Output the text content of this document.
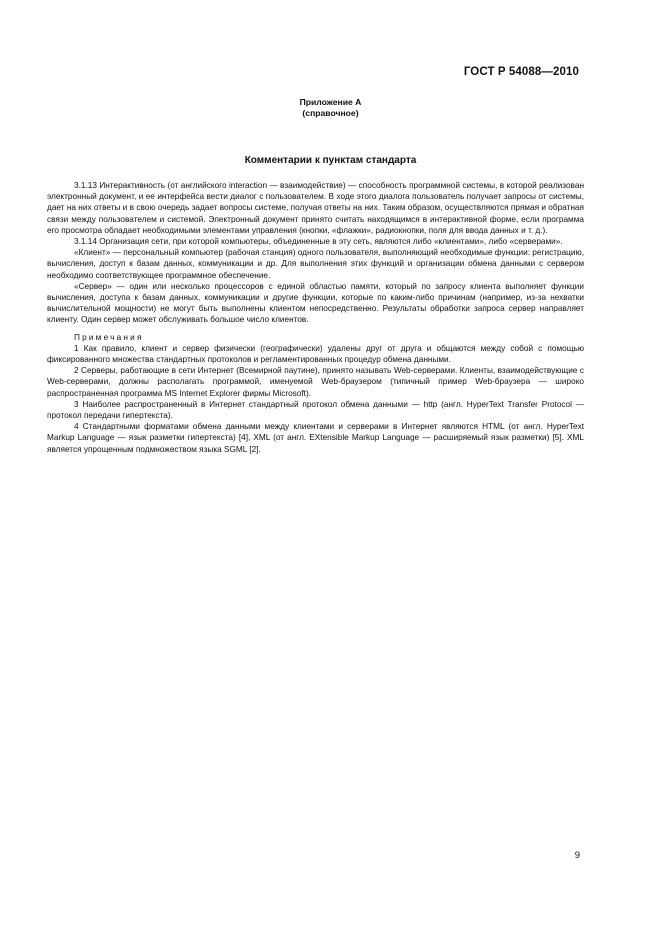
ГОСТ Р 54088—2010
Приложение А
(справочное)
Комментарии к пунктам стандарта

3.1.13 Интерактивность (от английского interaction — взаимодействие) — способность программной системы, в которой реализован электронный документ, и ее интерфейса вести диалог с пользователем. В ходе этого диалога пользователь получает запросы от системы, дает на них ответы и в свою очередь задает вопросы системе, получая ответы на них. Таким образом, осуществляются прямая и обратная связи между пользователем и системой. Электронный документ принято считать находящимся в интерактивной форме, если программа его просмотра обладает необходимыми элементами управления (кнопки, «флажки», радиокнопки, поля для ввода данных и т. д.).

3.1.14 Организация сети, при которой компьютеры, объединенные в эту сеть, являются либо «клиентами», либо «серверами».

«Клиент» — персональный компьютер (рабочая станция) одного пользователя, выполняющий необходимые функции: регистрацию, вычисления, доступ к базам данных, коммуникации и др. Для выполнения этих функций и организации обмена данными с сервером необходимо соответствующее программное обеспечение.

«Сервер» — один или несколько процессоров с единой областью памяти, который по запросу клиента выполняет функции вычисления, доступа к базам данных, коммуникации и другие функции, которые по каким-либо причинам (например, из-за нехватки вычислительной мощности) не могут быть выполнены клиентом непосредственно. Результаты обработки запроса сервер направляет клиенту. Один сервер может обслуживать большое число клиентов.

Примечания

1 Как правило, клиент и сервер физически (географически) удалены друг от друга и общаются между собой с помощью фиксированного множества стандартных протоколов и регламентированных процедур обмена данными.

2 Серверы, работающие в сети Интернет (Всемирной паутине), принято называть Web-серверами. Клиенты, взаимодействующие с Web-серверами, должны располагать программой, именуемой Web-браузером (типичный пример Web-браузера — широко распространенная программа MS Internet Explorer фирмы Microsoft).

3 Наиболее распространенный в Интернет стандартный протокол обмена данными — http (англ. HyperText Transfer Protocol — протокол передачи гипертекста).

4 Стандартными форматами обмена данными между клиентами и серверами в Интернет являются HTML (от англ. HyperText Markup Language — язык разметки гипертекста) [4], XML (от англ. EXtensible Markup Language — расширяемый язык разметки) [5]. XML является упрощенным подмножеством языка SGML [2].

9
